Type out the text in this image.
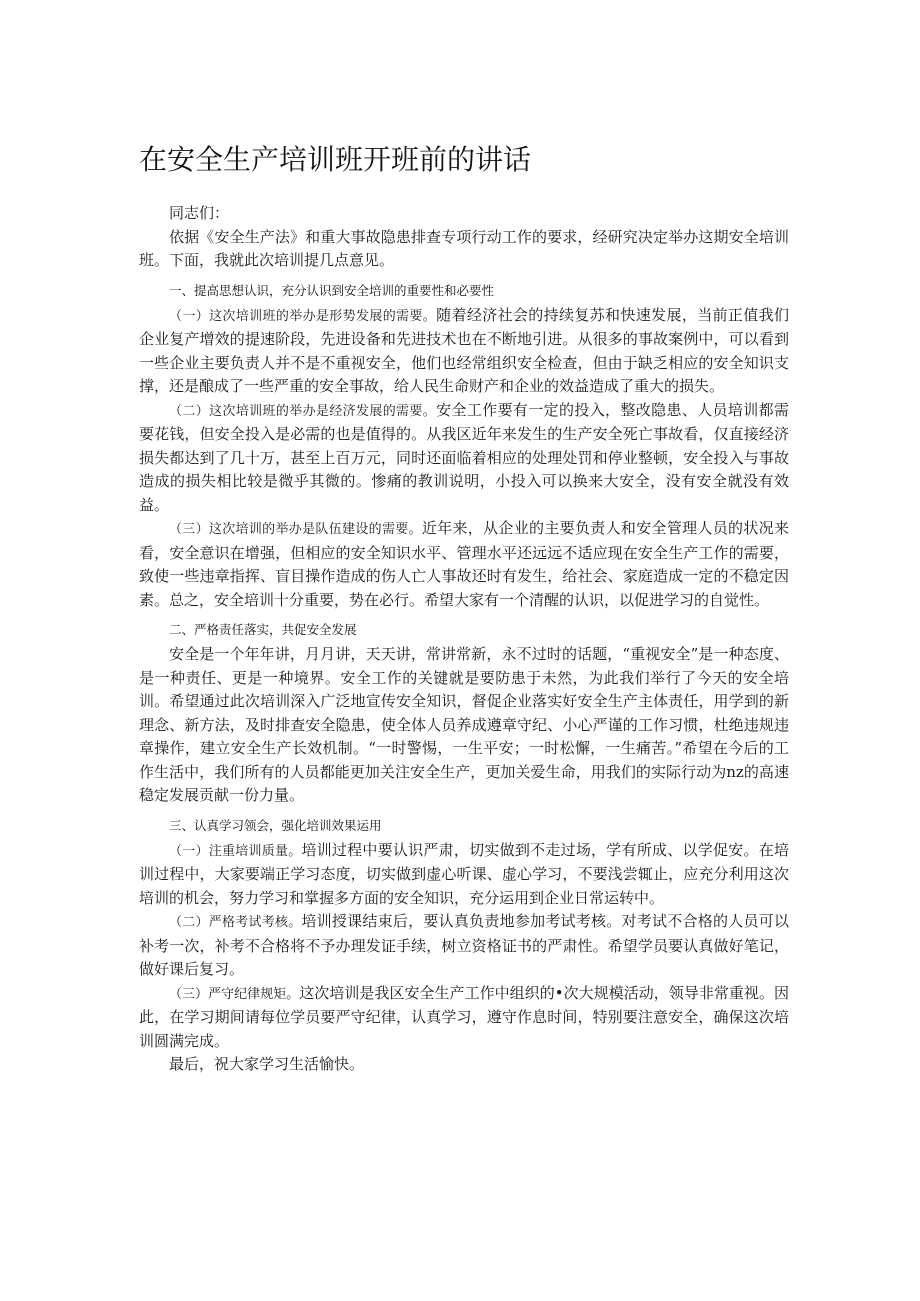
在安全生产培训班开班前的讲话

同志们：

依据《安全生产法》和重大事故隐患排查专项行动工作的要求，经研究决定举办这期安全培训班。下面，我就此次培训提几点意见。

一、提高思想认识，充分认识到安全培训的重要性和必要性

（一）这次培训班的举办是形势发展的需要。随着经济社会的持续复苏和快速发展，当前正值我们企业复产增效的提速阶段，先进设备和先进技术也在不断地引进。从很多的事故案例中，可以看到一些企业主要负责人并不是不重视安全，他们也经常组织安全检查，但由于缺乏相应的安全知识支撑，还是酿成了一些严重的安全事故，给人民生命财产和企业的效益造成了重大的损失。

（二）这次培训班的举办是经济发展的需要。安全工作要有一定的投入，整改隐患、人员培训都需要花钱，但安全投入是必需的也是值得的。从我区近年来发生的生产安全死亡事故看，仅直接经济损失都达到了几十万，甚至上百万元，同时还面临着相应的处理处罚和停业整顿，安全投入与事故造成的损失相比较是微乎其微的。惨痛的教训说明，小投入可以换来大安全，没有安全就没有效益。

（三）这次培训的举办是队伍建设的需要。近年来，从企业的主要负责人和安全管理人员的状况来看，安全意识在增强，但相应的安全知识水平、管理水平还远远不适应现在安全生产工作的需要，致使一些违章指挥、盲目操作造成的伤人亡人事故还时有发生，给社会、家庭造成一定的不稳定因素。总之，安全培训十分重要，势在必行。希望大家有一个清醒的认识，以促进学习的自觉性。

二、严格责任落实，共促安全发展

安全是一个年年讲，月月讲，天天讲，常讲常新，永不过时的话题，“重视安全”是一种态度、是一种责任、更是一种境界。安全工作的关键就是要防患于未然，为此我们举行了今天的安全培训。希望通过此次培训深入广泛地宣传安全知识，督促企业落实好安全生产主体责任，用学到的新理念、新方法，及时排查安全隐患，使全体人员养成遵章守纪、小心严谨的工作习惯，杜绝违规违章操作，建立安全生产长效机制。“一时警惕，一生平安；一时松懈，一生痛苦。”希望在今后的工作生活中，我们所有的人员都能更加关注安全生产，更加关爱生命，用我们的实际行动为nz的高速稳定发展贡献一份力量。

三、认真学习领会，强化培训效果运用

（一）注重培训质量。培训过程中要认识严肃，切实做到不走过场，学有所成、以学促安。在培训过程中，大家要端正学习态度，切实做到虚心听课、虚心学习，不要浅尝辄止，应充分利用这次培训的机会，努力学习和掌握多方面的安全知识，充分运用到企业日常运转中。

（二）严格考试考核。培训授课结束后，要认真负责地参加考试考核。对考试不合格的人员可以补考一次，补考不合格将不予办理发证手续，树立资格证书的严肃性。希望学员要认真做好笔记，做好课后复习。

（三）严守纪律规矩。这次培训是我区安全生产工作中组织的•次大规模活动，领导非常重视。因此，在学习期间请每位学员要严守纪律，认真学习，遵守作息时间，特别要注意安全，确保这次培训圆满完成。

最后，祝大家学习生活愉快。
